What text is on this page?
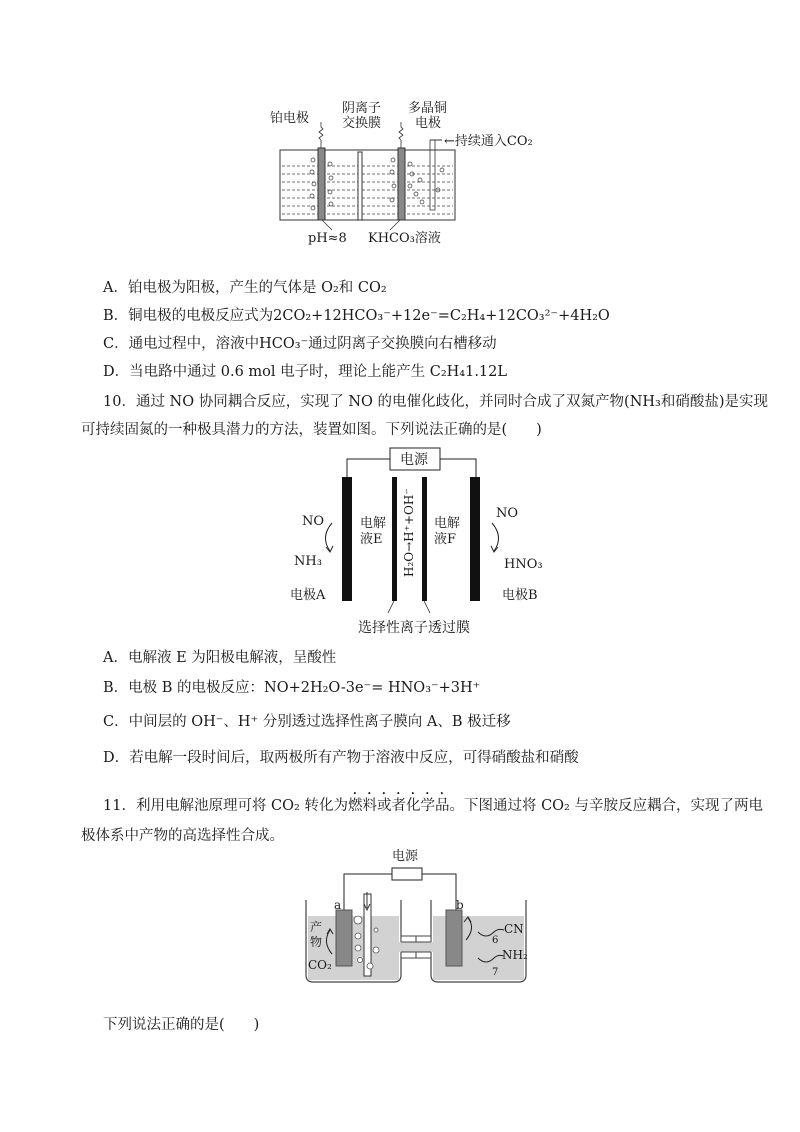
铂电极
阴离子
交换膜
多晶铜
电极
←持续通入CO₂
pH≈8 KHCO₃溶液
A．铂电极为阳极，产生的气体是 O₂和 CO₂
B．铜电极的电极反应式为2CO₂+12HCO₃⁻+12e⁻=C₂H₄+12CO₃²⁻+4H₂O
C．通电过程中，溶液中HCO₃⁻通过阴离子交换膜向右槽移动
D．当电路中通过 0.6 mol 电子时，理论上能产生 C₂H₄1.12L
10．通过 NO 协同耦合反应，实现了 NO 的电催化歧化，并同时合成了双氮产物(NH₃和硝酸盐)是实现
可持续固氮的一种极具潜力的方法，装置如图。下列说法正确的是(　　)
电源
NO
NH₃
电解
液E H₂O→H⁺+OH⁻ 电解
液F
NO
HNO₃
电极A	电极B
选择性离子透过膜
A．电解液 E 为阳极电解液，呈酸性
B．电极 B 的电极反应：NO+2H₂O-3e⁻= HNO₃⁻+3H⁺
C．中间层的 OH⁻、H⁺ 分别透过选择性离子膜向 A、B 极迁移
D．若电解一段时间后，取两极所有产物于溶液中反应，可得硝酸盐和硝酸
11．利用电解池原理可将 CO₂ 转化为燃料或者化学品。下图通过将 CO₂ 与辛胺反应耦合，实现了两电
极体系中产物的高选择性合成。
电源
a	b
产
物
CO₂
CN
6
NH₂
7
下列说法正确的是(　　)
